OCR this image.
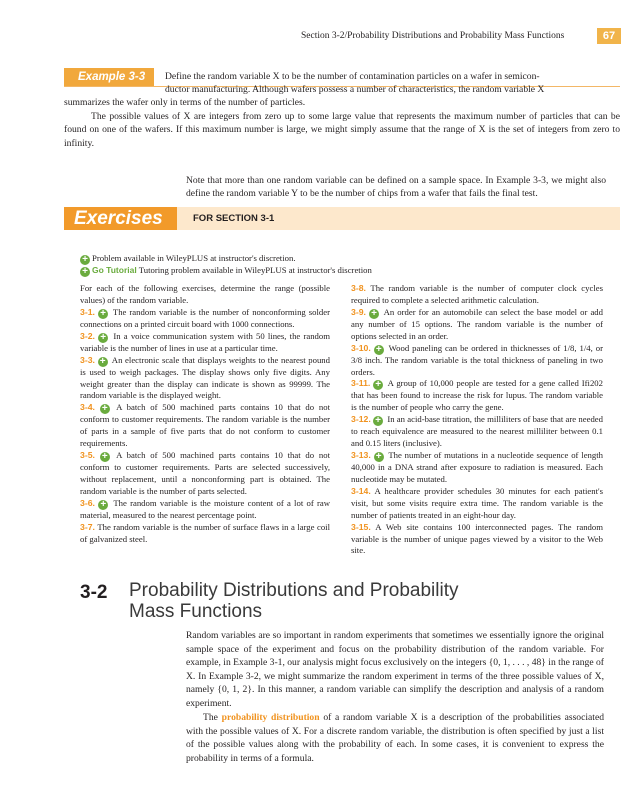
Section 3-2/Probability Distributions and Probability Mass Functions	67
Example 3-3	Define the random variable X to be the number of contamination particles on a wafer in semicon-
ductor manufacturing. Although wafers possess a number of characteristics, the random variable X
summarizes the wafer only in terms of the number of particles.
The possible values of X are integers from zero up to some large value that represents the maximum number of particles that can be found on one of the wafers. If this maximum number is large, we might simply assume that the range of X is the set of integers from zero to infinity.
Note that more than one random variable can be defined on a sample space. In Example 3-3, we might also define the random variable Y to be the number of chips from a wafer that fails the final test.
Exercises	FOR SECTION 3-1
+ Problem available in WileyPLUS at instructor's discretion.
+ Go Tutorial Tutoring problem available in WileyPLUS at instructor's discretion

For each of the following exercises, determine the range (possible values) of the random variable.

3-1. + The random variable is the number of nonconforming solder connections on a printed circuit board with 1000 connections.

3-2. + In a voice communication system with 50 lines, the random variable is the number of lines in use at a particular time.

3-3. + An electronic scale that displays weights to the nearest pound is used to weigh packages. The display shows only five digits. Any weight greater than the display can indicate is shown as 99999. The random variable is the displayed weight.

3-4. + A batch of 500 machined parts contains 10 that do not conform to customer requirements. The random variable is the number of parts in a sample of five parts that do not conform to customer requirements.

3-5. + A batch of 500 machined parts contains 10 that do not conform to customer requirements. Parts are selected successively, without replacement, until a nonconforming part is obtained. The random variable is the number of parts selected.

3-6. + The random variable is the moisture content of a lot of raw material, measured to the nearest percentage point.

3-7. The random variable is the number of surface flaws in a large coil of galvanized steel.

3-8. The random variable is the number of computer clock cycles required to complete a selected arithmetic calculation.

3-9. + An order for an automobile can select the base model or add any number of 15 options. The random variable is the number of options selected in an order.

3-10. + Wood paneling can be ordered in thicknesses of 1/8, 1/4, or 3/8 inch. The random variable is the total thickness of paneling in two orders.

3-11. + A group of 10,000 people are tested for a gene called Ifi202 that has been found to increase the risk for lupus. The random variable is the number of people who carry the gene.

3-12. + In an acid-base titration, the milliliters of base that are needed to reach equivalence are measured to the nearest milliliter between 0.1 and 0.15 liters (inclusive).

3-13. + The number of mutations in a nucleotide sequence of length 40,000 in a DNA strand after exposure to radiation is measured. Each nucleotide may be mutated.

3-14. A healthcare provider schedules 30 minutes for each patient's visit, but some visits require extra time. The random variable is the number of patients treated in an eight-hour day.

3-15. A Web site contains 100 interconnected pages. The random variable is the number of unique pages viewed by a visitor to the Web site.

3-2 Probability Distributions and Probability
Mass Functions
Random variables are so important in random experiments that sometimes we essentially ignore the original sample space of the experiment and focus on the probability distribution of the random variable. For example, in Example 3-1, our analysis might focus exclusively on the integers {0, 1, . . . , 48} in the range of X. In Example 3-2, we might summarize the random experiment in terms of the three possible values of X, namely {0, 1, 2}. In this manner, a random variable can simplify the description and analysis of a random experiment.
The probability distribution of a random variable X is a description of the probabilities associated with the possible values of X. For a discrete random variable, the distribution is often specified by just a list of the possible values along with the probability of each. In some cases, it is convenient to express the probability in terms of a formula.
